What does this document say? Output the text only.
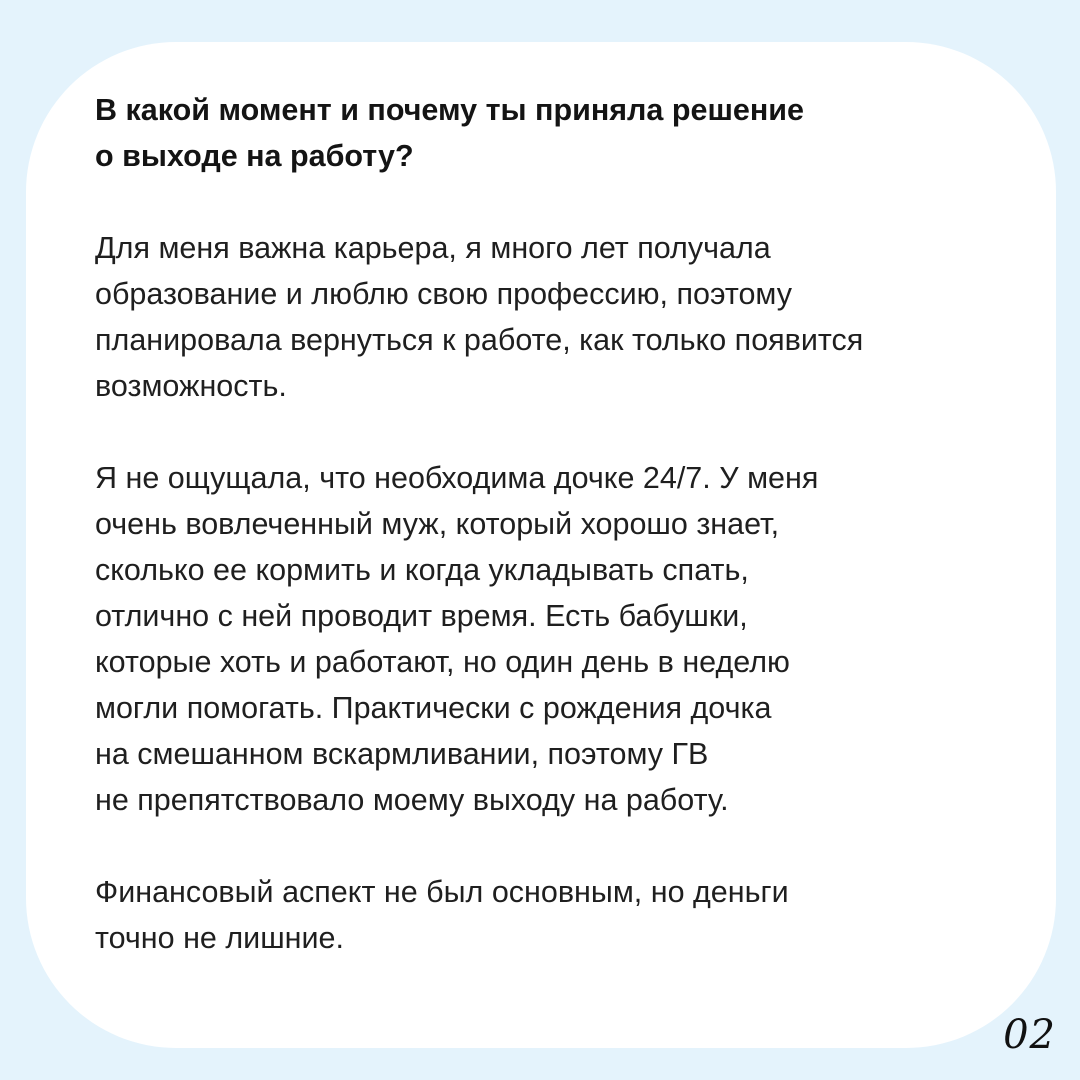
В какой момент и почему ты приняла решение
о выходе на работу?

Для меня важна карьера, я много лет получала
образование и люблю свою профессию, поэтому
планировала вернуться к работе, как только появится
возможность.

Я не ощущала, что необходима дочке 24/7. У меня
очень вовлеченный муж, который хорошо знает,
сколько ее кормить и когда укладывать спать,
отлично с ней проводит время. Есть бабушки,
которые хоть и работают, но один день в неделю
могли помогать. Практически с рождения дочка
на смешанном вскармливании, поэтому ГВ
не препятствовало моему выходу на работу.

Финансовый аспект не был основным, но деньги
точно не лишние.

02
